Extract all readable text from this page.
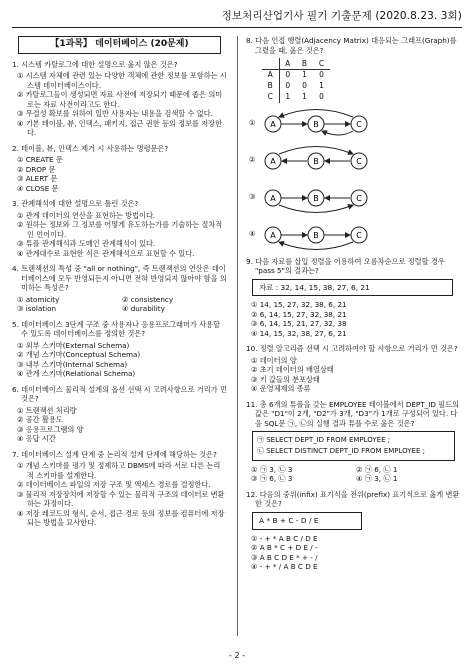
정보처리산업기사 필기 기출문제 (2020.8.23. 3회)
【1과목】 데이터베이스 (20문제)
1. 시스템 카탈로그에 대한 설명으로 옳지 않은 것은?
① 시스템 자체에 관련 있는 다양한 객체에 관한 정보를 포함하는 시스템 데이터베이스이다.
② 카탈로그들이 생성되면 자료 사전에 저장되기 때문에 좁은 의미로는 자료 사전이라고도 한다.
③ 무결성 확보를 위하여 일반 사용자는 내용을 검색할 수 없다.
④ 기본 테이블, 뷰, 인덱스, 패키지, 접근 권한 등의 정보를 저장한다.
2. 테이블, 뷰, 인덱스 제거 시 사용하는 명령문은?
① CREATE 문
② DROP 문
③ ALERT 문
④ CLOSE 문
3. 관계해석에 대한 설명으로 틀린 것은?
① 관계 데이터의 연산을 표현하는 방법이다.
② 원하는 정보와 그 정보를 어떻게 유도하는가를 기술하는 절차적인 언어이다.
③ 튜플 관계해석과 도메인 관계해석이 있다.
④ 관계대수로 표현한 식은 관계해석으로 표현할 수 있다.
4. 트랜잭션의 특성 중 "all or nothing", 즉 트랜잭션의 연산은 데이터베이스에 모두 반영되든지 아니면 전혀 반영되지 않아야 함을 의미하는 특성은?
① atomicity	② consistency
③ isolation	④ durability
5. 데이터베이스 3단계 구조 중 사용자나 응용프로그래머가 사용할 수 있도록 데이터베이스를 정의한 것은?
① 외부 스키마(External Schema)
② 개념 스키마(Conceptual Schema)
③ 내부 스키마(Internal Schema)
④ 관계 스키마(Relational Schema)
6. 데이터베이스 물리적 설계의 옵션 선택 시 고려사항으로 거리가 먼 것은?
① 트랜잭션 처리량
② 공간 활용도
③ 응용프로그램의 양
④ 응답 시간
7. 데이터베이스 설계 단계 중 논리적 설계 단계에 해당하는 것은?
① 개념 스키마를 평가 및 정제하고 DBMS에 따라 서로 다른 논리적 스키마를 설계한다.
② 데이터베이스 파일의 저장 구조 및 액세스 경로를 결정한다.
③ 물리적 저장장치에 저장할 수 있는 물리적 구조의 데이터로 변환하는 과정이다.
④ 저장 레코드의 형식, 순서, 접근 경로 등의 정보를 컴퓨터에 저장되는 방법을 묘사한다.
8. 다음 인접 행렬(Adjacency Matrix) 대응되는 그래프(Graph)를 그렸을 때, 옳은 것은?
	A	B	C
A	0	1	0
B	0	0	1
C	1	1	0
①	A	B	C
②	A	B	C
③	A	B	C
④	A	B	C
9. 다음 자료를 삽입 정렬을 이용하여 오름차순으로 정렬할 경우 "pass 5"의 결과는?
자료 : 32, 14, 15, 38, 27, 6, 21
① 14, 15, 27, 32, 38, 6, 21
② 6, 14, 15, 27, 32, 38, 21
③ 6, 14, 15, 21, 27, 32, 38
④ 14, 15, 32, 38, 27, 6, 21
10. 정렬 알고리즘 선택 시 고려하여야 할 사항으로 거리가 먼 것은?
① 데이터의 양
② 초기 데이터의 배열상태
③ 키 값들의 분포상태
④ 운영체제의 종류
11. 총 6개의 튜플을 갖는 EMPLOYEE 테이블에서 DEPT_ID 필드의 값은 "D1"이 2개, "D2"가 3개, "D3"가 1개로 구성되어 있다. 다음 SQL문 ㉠, ㉡의 실행 결과 튜플 수로 옳은 것은?
㉠ SELECT DEPT_ID FROM EMPLOYEE ;
㉡ SELECT DISTINCT DEPT_ID FROM EMPLOYEE ;
① ㉠ 3, ㉡ 3	② ㉠ 6, ㉡ 1
③ ㉠ 6, ㉡ 3	④ ㉠ 3, ㉡ 1
12. 다음의 중위(infix) 표기식을 전위(prefix) 표기식으로 옳게 변환한 것은?
A * B + C - D / E
① - + * A B C / D E
② A B * C + D E / -
③ A B C D E * + - /
④ - + * / A B C D E
- 2 -
